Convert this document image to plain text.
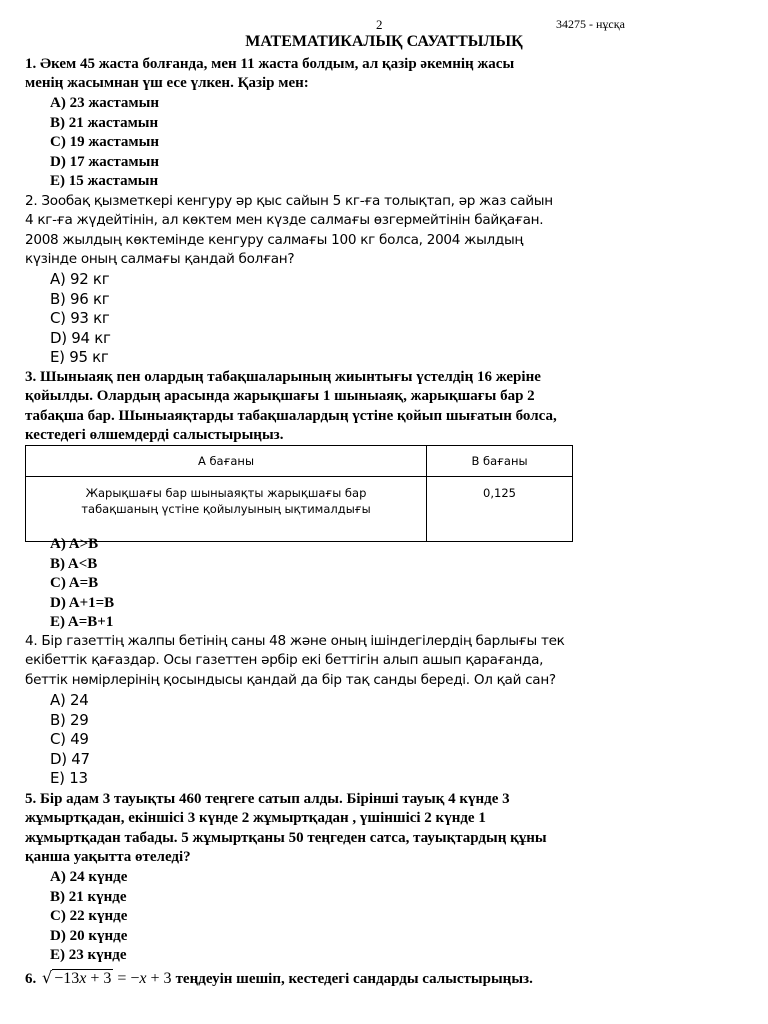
2	34275 - нұсқа
МАТЕМАТИКАЛЫҚ САУАТТЫЛЫҚ
1. Әкем 45 жаста болғанда, мен 11 жаста болдым, ал қазір әкемнің жасы
менің жасымнан үш есе үлкен. Қазір мен:
A) 23 жастамын
B) 21 жастамын
C) 19 жастамын
D) 17 жастамын
E) 15 жастамын
2. Зообақ қызметкері кенгуру әр қыс сайын 5 кг-ға толықтап, әр жаз сайын
4 кг-ға жүдейтінін, ал көктем мен күзде салмағы өзгермейтінін байқаған.
2008 жылдың көктемінде кенгуру салмағы 100 кг болса, 2004 жылдың
күзінде оның салмағы қандай болған?
A) 92 кг
B) 96 кг
C) 93 кг
D) 94 кг
E) 95 кг
3. Шыныаяқ пен олардың табақшаларының жиынтығы үстелдің 16 жеріне
қойылды. Олардың арасында жарықшағы 1 шыныаяқ, жарықшағы бар 2
табақша бар. Шыныаяқтарды табақшалардың үстіне қойып шығатын болса,
кестедегі өлшемдерді салыстырыңыз.
А бағаны	В бағаны

Жарықшағы бар шыныаяқты жарықшағы бар
табақшаның үстіне қойылуының ықтималдығы	0,125
A) A>B
B) A<B
C) A=B
D) A+1=B
E) A=B+1
4. Бір газеттің жалпы бетінің саны 48 және оның ішіндегілердің барлығы тек
екібеттік қағаздар. Осы газеттен әрбір екі беттігін алып ашып қарағанда,
беттік нөмірлерінің қосындысы қандай да бір тақ санды береді. Ол қай сан?
A) 24
B) 29
C) 49
D) 47
E) 13
5. Бір адам 3 тауықты 460 теңгеге сатып алды. Бірінші тауық 4 күнде 3
жұмыртқадан, екіншісі 3 күнде 2 жұмыртқадан , үшіншісі 2 күнде 1
жұмыртқадан табады. 5 жұмыртқаны 50 теңгеден сатса, тауықтардың құны
қанша уақытта өтеледі?
A) 24 күнде
B) 21 күнде
C) 22 күнде
D) 20 күнде
E) 23 күнде
6. √ −13x + 3 = −x + 3 теңдеуін шешіп, кестедегі сандарды салыстырыңыз.
